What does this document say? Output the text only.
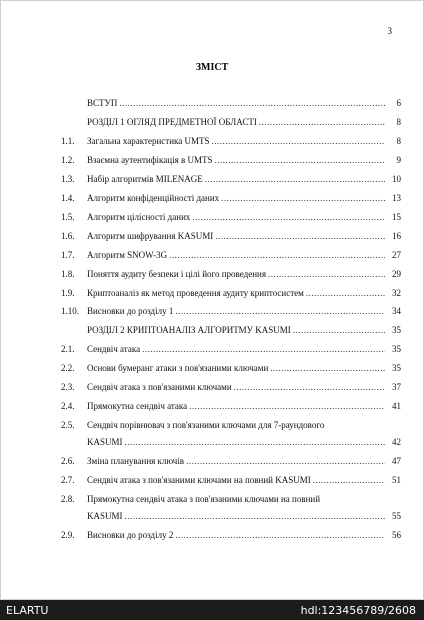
3
ЗМІСТ
ВСТУП .....	6
РОЗДІЛ 1 ОГЛЯД ПРЕДМЕТНОЇ ОБЛАСТІ .....	8
1.1.	Загальна характеристика UMTS .....	8
1.2.	Взаємна аутентифікація в UMTS .....	9
1.3.	Набір алгоритмів MILENAGE .....	10
1.4.	Алгоритм конфіденційності даних .....	13
1.5.	Алгоритм цілісності даних .....	15
1.6.	Алгоритм шифрування KASUMI .....	16
1.7.	Алгоритм SNOW-3G .....	27
1.8.	Поняття аудиту безпеки і цілі його проведення .....	29
1.9.	Криптоаналіз як метод проведення аудиту криптосистем .....	32
1.10. Висновки до розділу 1 .....	34
РОЗДІЛ 2 КРИПТОАНАЛІЗ АЛГОРИТМУ KASUMI .....	35
2.1.	Сендвіч атака .....	35
2.2.	Основи бумеранг атаки з пов'язаними ключами .....	35
2.3.	Сендвіч атака з пов'язаними ключами .....	37
2.4.	Прямокутна сендвіч атака .....	41
2.5.	Сендвіч порівнювач з пов'язаними ключами для 7-раундового
KASUMI .....	42
2.6.	Зміна планування ключів .....	47
2.7.	Сендвіч атака з пов'язаними ключами на повний KASUMI .....	51
2.8.	Прямокутна сендвіч атака з пов'язаними ключами на повний
KASUMI .....	55
2.9.	Висновки до розділу 2 .....	56
ELARTU	hdl:123456789/2608
